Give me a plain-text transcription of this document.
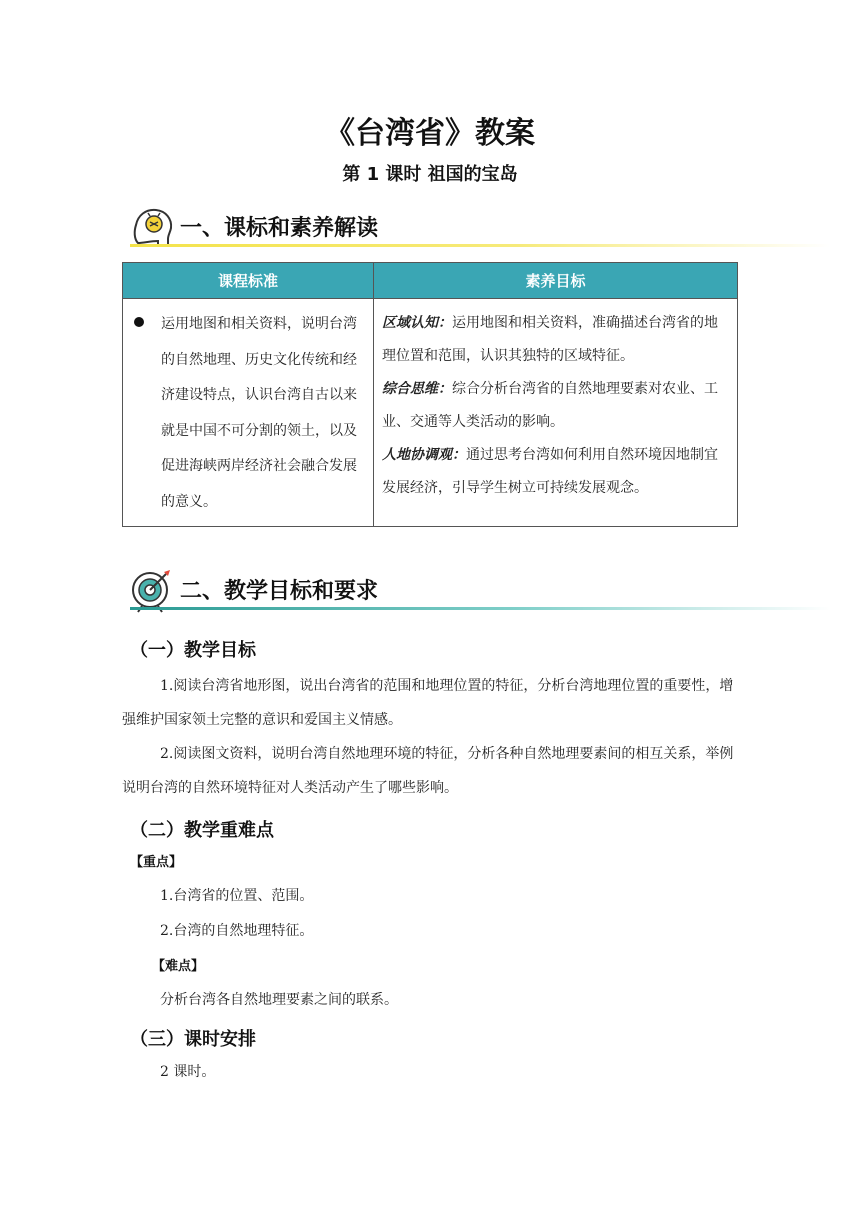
《台湾省》教案
第 1 课时 祖国的宝岛
一、课标和素养解读
课程标准	素养目标

运用地图和相关资料，说明台湾的自然地理、历史文化传统和经济建设特点，认识台湾自古以来就是中国不可分割的领土，以及促进海峡两岸经济社会融合发展的意义。	区域认知：运用地图和相关资料，准确描述台湾省的地理位置和范围，认识其独特的区域特征。
综合思维：综合分析台湾省的自然地理要素对农业、工业、交通等人类活动的影响。
人地协调观：通过思考台湾如何利用自然环境因地制宜发展经济，引导学生树立可持续发展观念。
二、教学目标和要求
（一）教学目标
1.阅读台湾省地形图，说出台湾省的范围和地理位置的特征，分析台湾地理位置的重要性，增强维护国家领土完整的意识和爱国主义情感。
2.阅读图文资料，说明台湾自然地理环境的特征，分析各种自然地理要素间的相互关系，举例说明台湾的自然环境特征对人类活动产生了哪些影响。
（二）教学重难点
【重点】
1.台湾省的位置、范围。
2.台湾的自然地理特征。
【难点】
分析台湾各自然地理要素之间的联系。
（三）课时安排
2 课时。
